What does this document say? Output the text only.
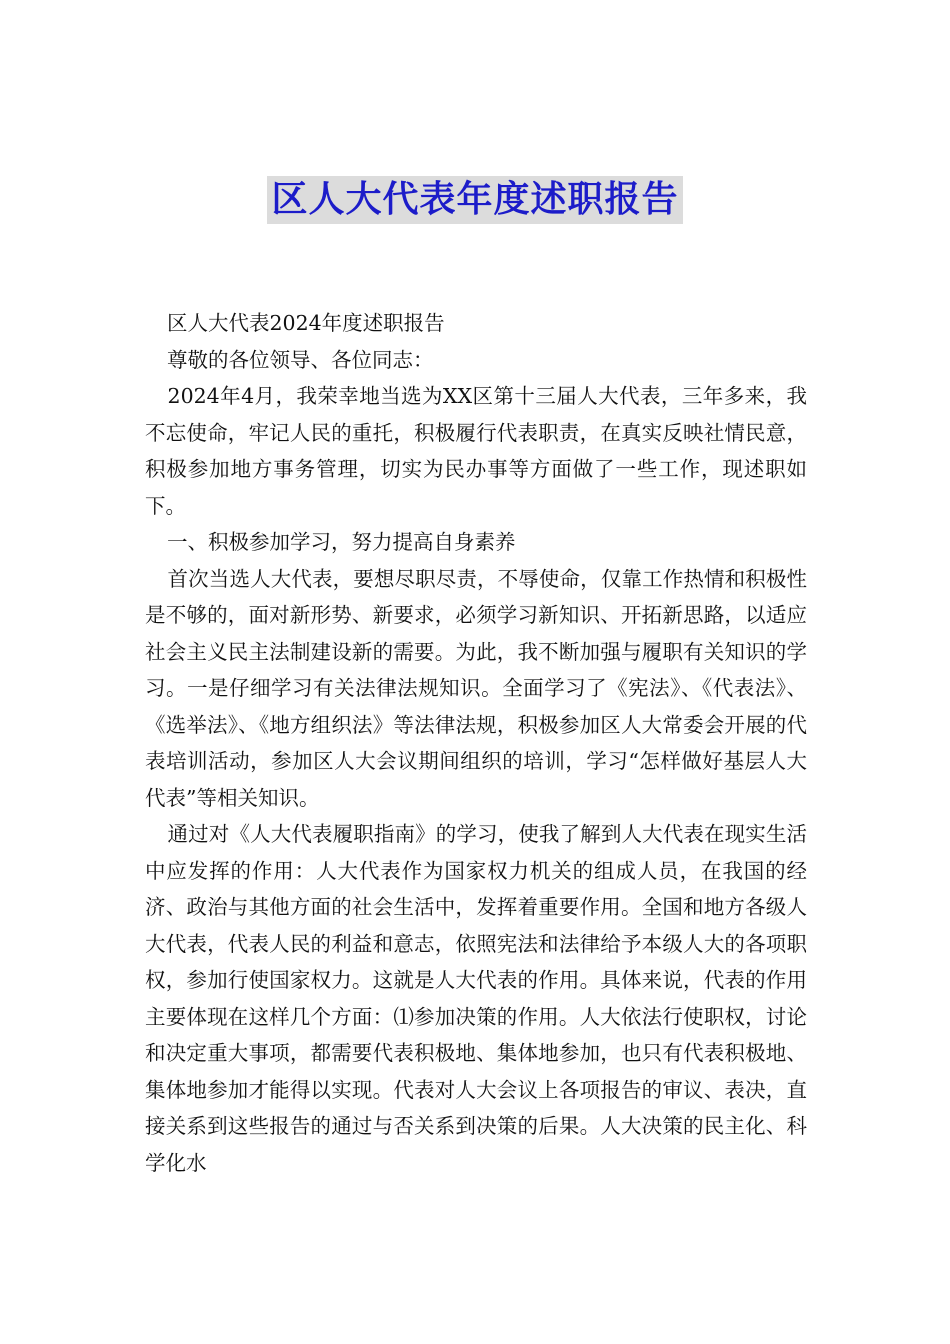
区人大代表年度述职报告
区人大代表2024年度述职报告
尊敬的各位领导、各位同志：

2024年4月，我荣幸地当选为XX区第十三届人大代表，三年多来，我不忘使命，牢记人民的重托，积极履行代表职责，在真实反映社情民意，积极参加地方事务管理，切实为民办事等方面做了一些工作，现述职如下。

一、积极参加学习，努力提高自身素养

首次当选人大代表，要想尽职尽责，不辱使命，仅靠工作热情和积极性是不够的，面对新形势、新要求，必须学习新知识、开拓新思路，以适应社会主义民主法制建设新的需要。为此，我不断加强与履职有关知识的学习。一是仔细学习有关法律法规知识。全面学习了《宪法》、《代表法》、《选举法》、《地方组织法》等法律法规，积极参加区人大常委会开展的代表培训活动，参加区人大会议期间组织的培训，学习“怎样做好基层人大代表”等相关知识。

通过对《人大代表履职指南》的学习，使我了解到人大代表在现实生活中应发挥的作用：人大代表作为国家权力机关的组成人员，在我国的经济、政治与其他方面的社会生活中，发挥着重要作用。全国和地方各级人大代表，代表人民的利益和意志，依照宪法和法律给予本级人大的各项职权，参加行使国家权力。这就是人大代表的作用。具体来说，代表的作用主要体现在这样几个方面：⑴参加决策的作用。人大依法行使职权，讨论和决定重大事项，都需要代表积极地、集体地参加，也只有代表积极地、集体地参加才能得以实现。代表对人大会议上各项报告的审议、表决，直接关系到这些报告的通过与否关系到决策的后果。人大决策的民主化、科学化水
